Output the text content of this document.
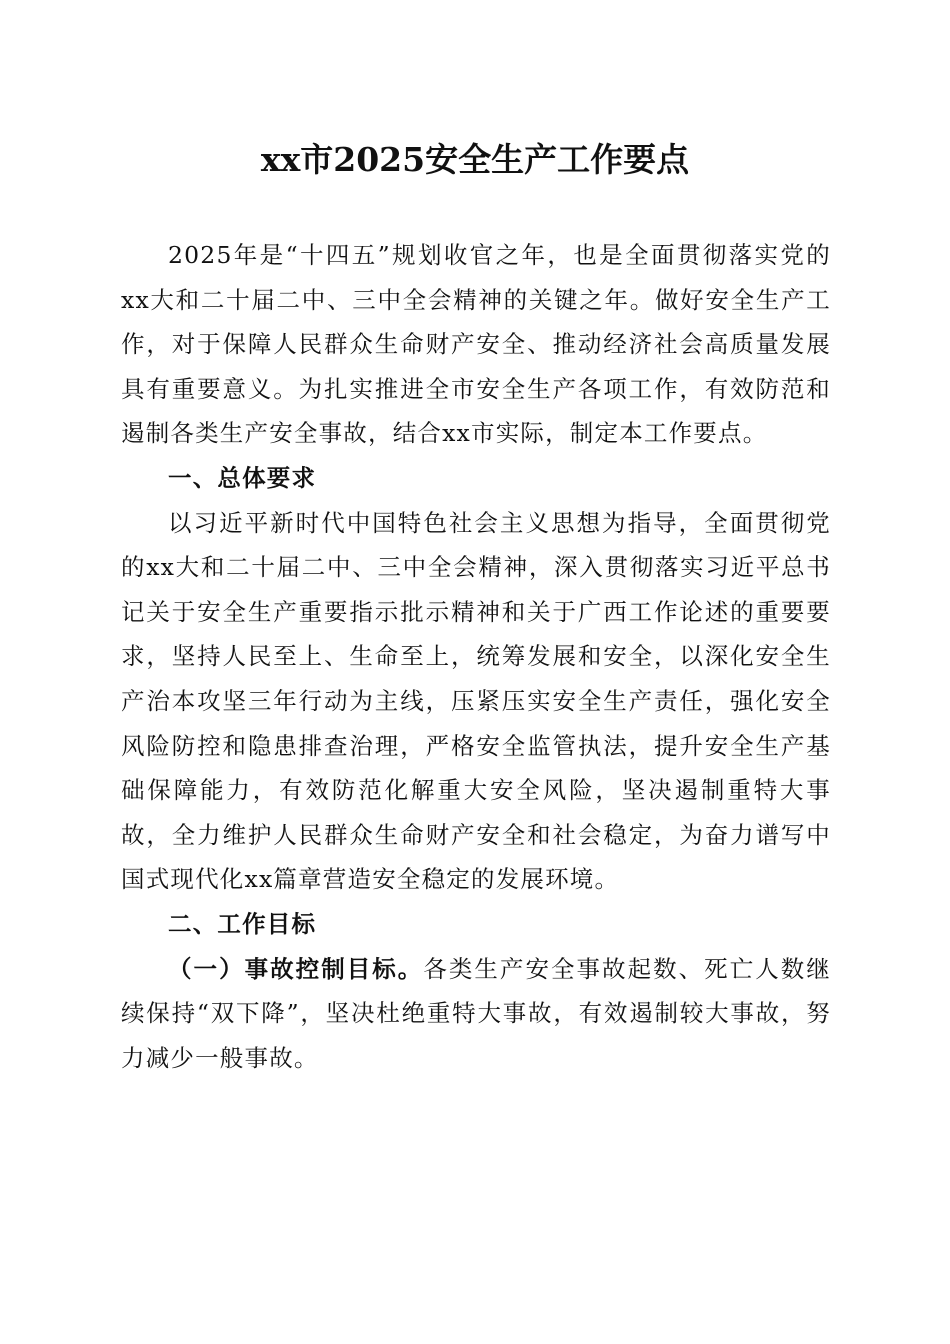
xx市2025安全生产工作要点

2025年是“十四五”规划收官之年，也是全面贯彻落实党的xx大和二十届二中、三中全会精神的关键之年。做好安全生产工作，对于保障人民群众生命财产安全、推动经济社会高质量发展具有重要意义。为扎实推进全市安全生产各项工作，有效防范和遏制各类生产安全事故，结合xx市实际，制定本工作要点。

一、总体要求

以习近平新时代中国特色社会主义思想为指导，全面贯彻党的xx大和二十届二中、三中全会精神，深入贯彻落实习近平总书记关于安全生产重要指示批示精神和关于广西工作论述的重要要求，坚持人民至上、生命至上，统筹发展和安全，以深化安全生产治本攻坚三年行动为主线，压紧压实安全生产责任，强化安全风险防控和隐患排查治理，严格安全监管执法，提升安全生产基础保障能力，有效防范化解重大安全风险，坚决遏制重特大事故，全力维护人民群众生命财产安全和社会稳定，为奋力谱写中国式现代化xx篇章营造安全稳定的发展环境。

二、工作目标

（一）事故控制目标。各类生产安全事故起数、死亡人数继续保持“双下降”，坚决杜绝重特大事故，有效遏制较大事故，努力减少一般事故。
